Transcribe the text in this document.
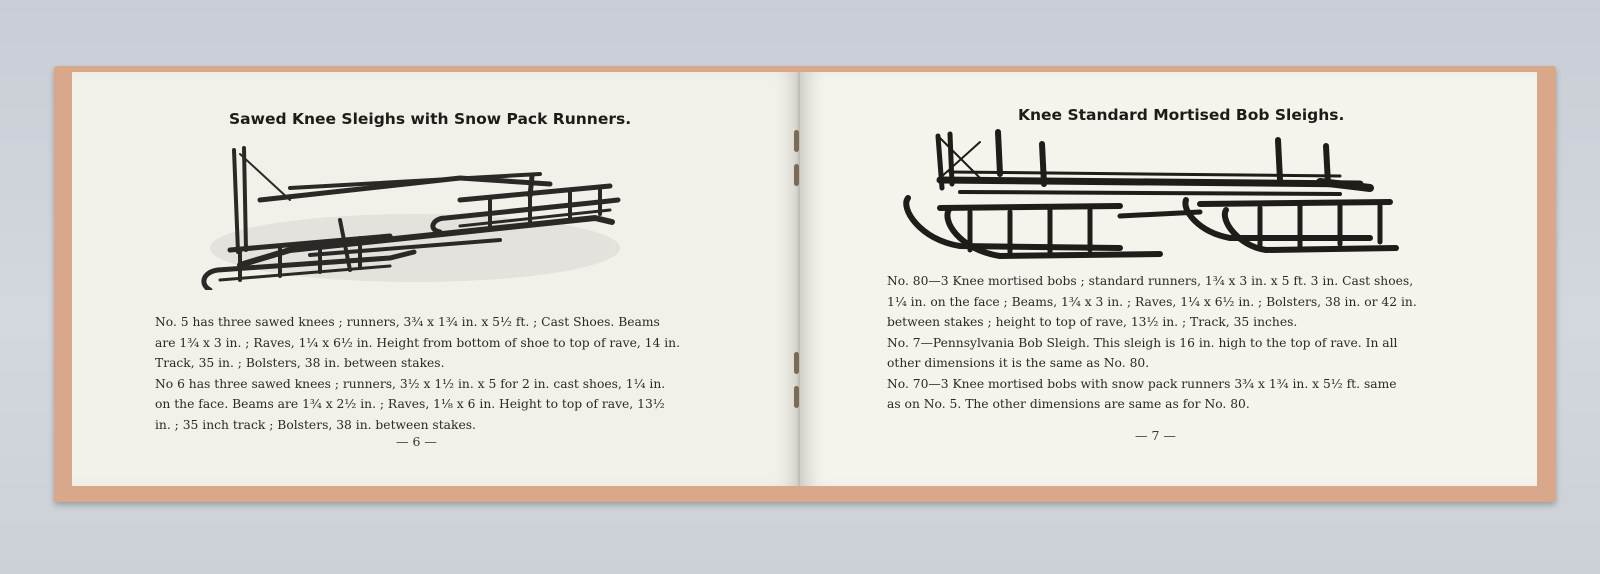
Sawed Knee Sleighs with Snow Pack Runners.

No. 5 has three sawed knees ; runners, 3¾ x 1¾ in. x 5½ ft. ; Cast Shoes. Beams
are 1¾ x 3 in. ; Raves, 1¼ x 6½ in. Height from bottom of shoe to top of rave, 14 in.
Track, 35 in. ; Bolsters, 38 in. between stakes.

No 6 has three sawed knees ; runners, 3½ x 1½ in. x 5 for 2 in. cast shoes, 1¼ in.
on the face. Beams are 1¾ x 2½ in. ; Raves, 1⅛ x 6 in. Height to top of rave, 13½
in. ; 35 inch track ; Bolsters, 38 in. between stakes.

— 6 —
Knee Standard Mortised Bob Sleighs.

No. 80—3 Knee mortised bobs ; standard runners, 1¾ x 3 in. x 5 ft. 3 in. Cast shoes,
1¼ in. on the face ; Beams, 1¾ x 3 in. ; Raves, 1¼ x 6½ in. ; Bolsters, 38 in. or 42 in.
between stakes ; height to top of rave, 13½ in. ; Track, 35 inches.

No. 7—Pennsylvania Bob Sleigh. This sleigh is 16 in. high to the top of rave. In all
other dimensions it is the same as No. 80.

No. 70—3 Knee mortised bobs with snow pack runners 3¾ x 1¾ in. x 5½ ft. same
as on No. 5. The other dimensions are same as for No. 80.

— 7 —
